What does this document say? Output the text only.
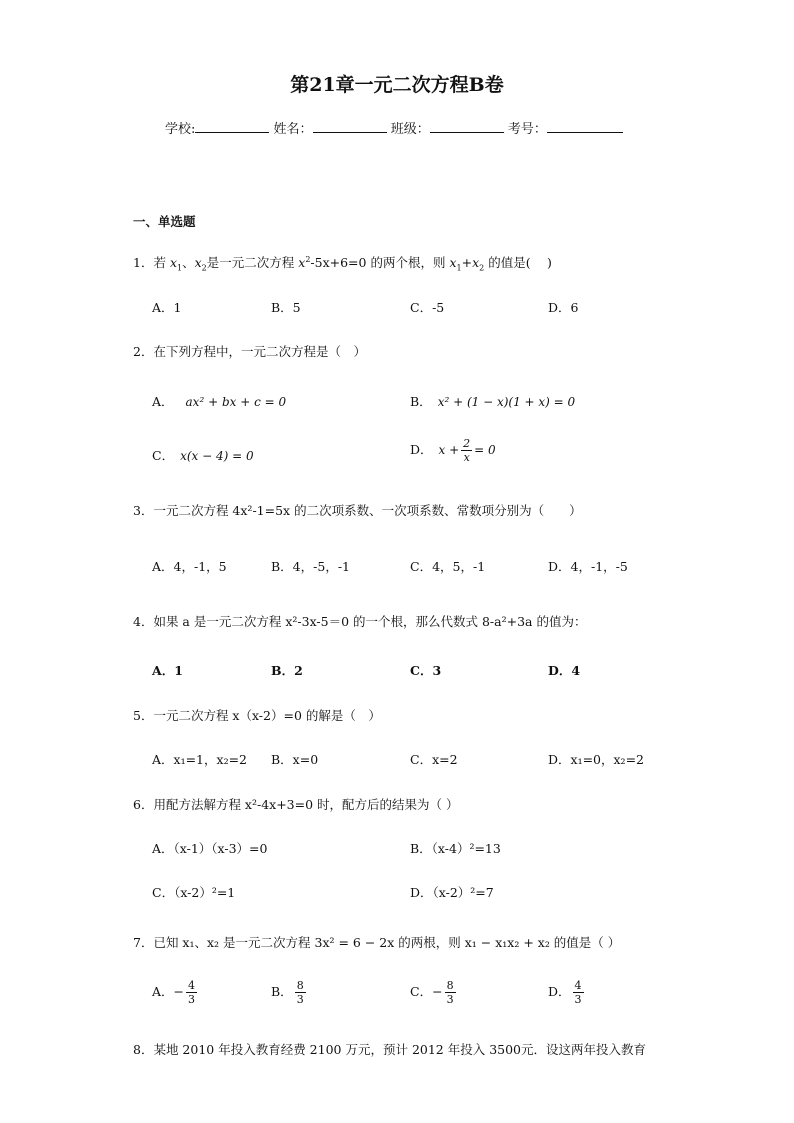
第21章一元二次方程B卷
学校:	姓名：	班级：	考号：
一、单选题
1．若 $x_1$、$x_2$是一元二次方程 $x^2-5x+6=0$ 的两个根，则 $x_1+x_2$ 的值是(　 )
A．1	B．5	C．-5	D．6
2．在下列方程中，一元二次方程是（　）
A． ax² + bx + c = 0	B． x² + (1 − x)(1 + x) = 0
C． x(x − 4) = 0	D． $x + \frac{2}{x} = 0$
3．一元二次方程 4x²-1=5x 的二次项系数、一次项系数、常数项分别为（　　）
A．4，-1，5	B．4，-5，-1	C．4，5，-1	D．4，-1，-5
4．如果 a 是一元二次方程 x²-3x-5＝0 的一个根，那么代数式 8-a²+3a 的值为：
A．1	B．2	C．3	D．4
5．一元二次方程 x（x-2）=0 的解是（　）
A．x₁=1，x₂=2 B．x=0	C．x=2	D．x₁=0，x₂=2
6．用配方法解方程 x²-4x+3=0 时，配方后的结果为（ ）
A．（x-1）（x-3）=0	B．（x-4）²=13
C．（x-2）²=1	D．（x-2）²=7
7．已知 x₁、x₂ 是一元二次方程 3x² = 6 − 2x 的两根，则 x₁ − x₁x₂ + x₂ 的值是（ ）
A．− $\frac{4}{3}$	B． $\frac{8}{3}$	C．− $\frac{8}{3}$	D． $\frac{4}{3}$
8．某地 2010 年投入教育经费 2100 万元，预计 2012 年投入 3500元．设这两年投入教育
